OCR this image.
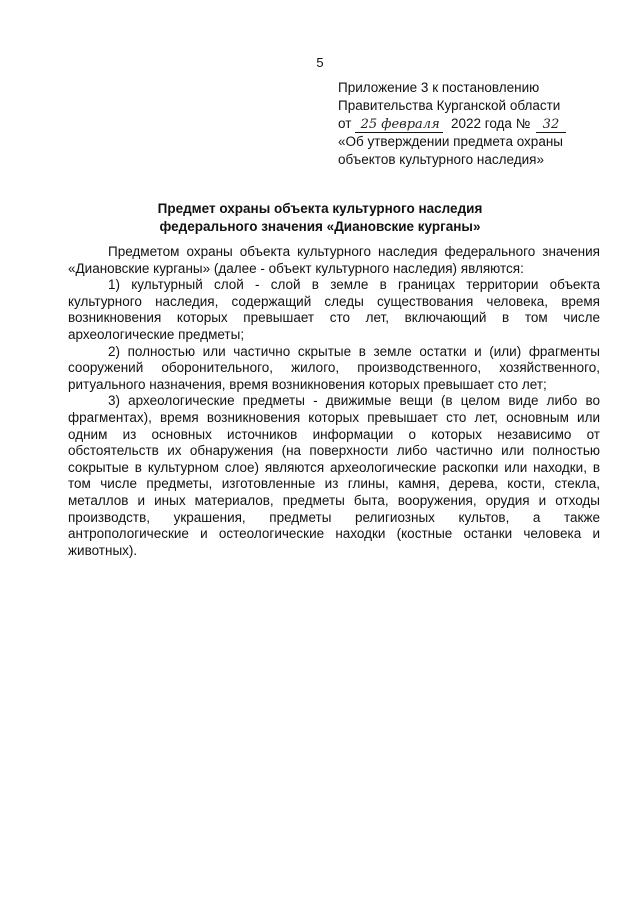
5
Приложение 3 к постановлению
Правительства Курганской области
от 25 февраля 2022 года № 32
«Об утверждении предмета охраны
объектов культурного наследия»
Предмет охраны объекта культурного наследия
федерального значения «Диановские курганы»

Предметом охраны объекта культурного наследия федерального значения «Диановские курганы» (далее - объект культурного наследия) являются:

1) культурный слой - слой в земле в границах территории объекта культурного наследия, содержащий следы существования человека, время возникновения которых превышает сто лет, включающий в том числе археологические предметы;

2) полностью или частично скрытые в земле остатки и (или) фрагменты сооружений оборонительного, жилого, производственного, хозяйственного, ритуального назначения, время возникновения которых превышает сто лет;

3) археологические предметы - движимые вещи (в целом виде либо во фрагментах), время возникновения которых превышает сто лет, основным или одним из основных источников информации о которых независимо от обстоятельств их обнаружения (на поверхности либо частично или полностью сокрытые в культурном слое) являются археологические раскопки или находки, в том числе предметы, изготовленные из глины, камня, дерева, кости, стекла, металлов и иных материалов, предметы быта, вооружения, орудия и отходы производств, украшения, предметы религиозных культов, а также антропологические и остеологические находки (костные останки человека и животных).
